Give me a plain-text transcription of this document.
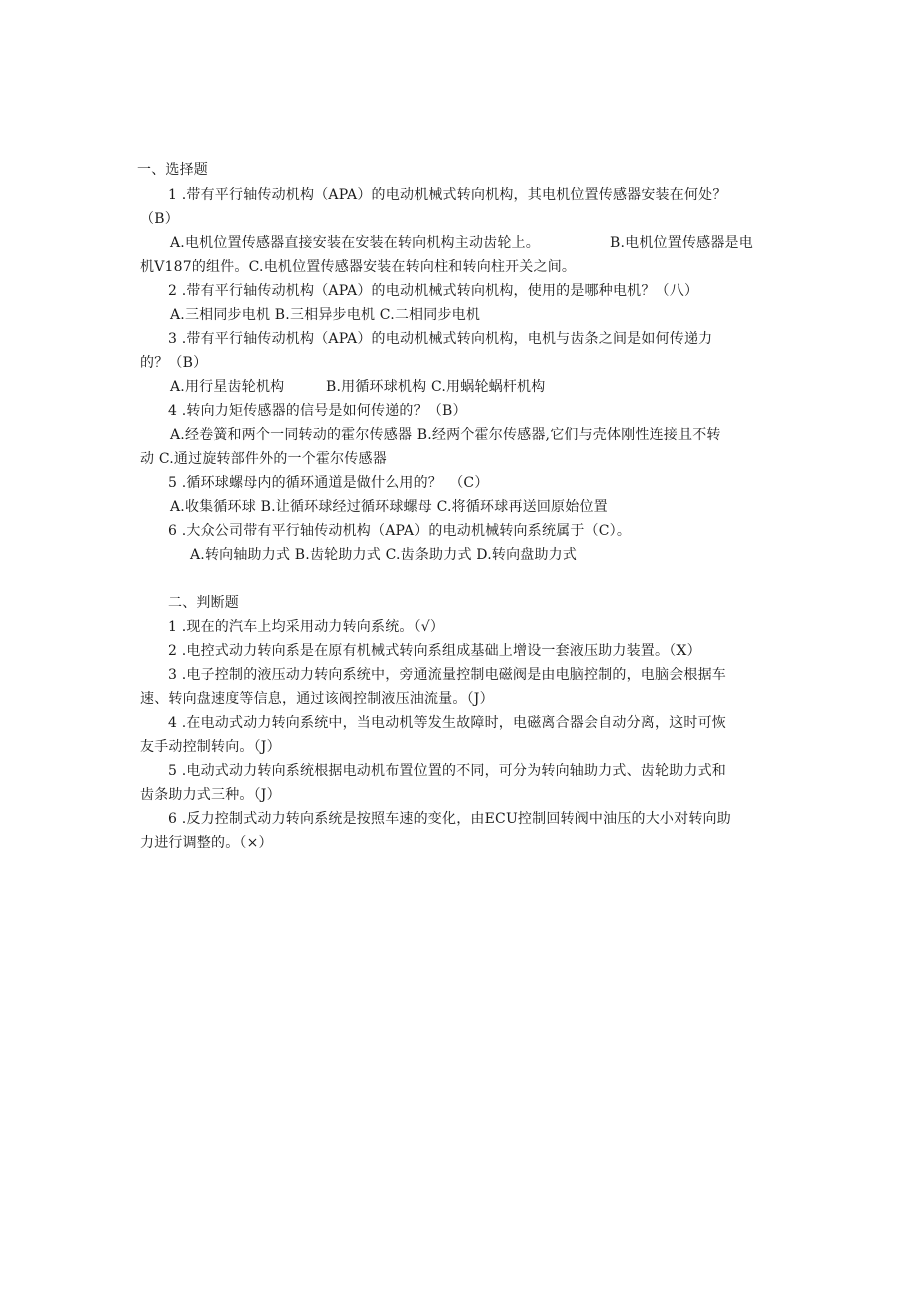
一、选择题
1 .带有平行轴传动机构（APA）的电动机械式转向机构，其电机位置传感器安装在何处？
（B）
A.电机位置传感器直接安装在安装在转向机构主动齿轮上。	B.电机位置传感器是电
机V187的组件。C.电机位置传感器安装在转向柱和转向柱开关之间。
2 .带有平行轴传动机构（APA）的电动机械式转向机构，使用的是哪种电机？（八）
A.三相同步电机 B.三相异步电机 C.二相同步电机
3 .带有平行轴传动机构（APA）的电动机械式转向机构，电机与齿条之间是如何传递力
的？（B）
A.用行星齿轮机构	B.用循环球机构 C.用蜗轮蜗杆机构
4 .转向力矩传感器的信号是如何传递的？（B）
A.经卷簧和两个一同转动的霍尔传感器 B.经两个霍尔传感器,它们与壳体刚性连接且不转
动 C.通过旋转部件外的一个霍尔传感器
5 .循环球螺母内的循环通道是做什么用的？　（C）
A.收集循环球 B.让循环球经过循环球螺母 C.将循环球再送回原始位置
6 .大众公司带有平行轴传动机构（APA）的电动机械转向系统属于（C）。
A.转向轴助力式 B.齿轮助力式 C.齿条助力式 D.转向盘助力式
二、判断题
1 .现在的汽车上均采用动力转向系统。（√）
2 .电控式动力转向系是在原有机械式转向系组成基础上增设一套液压助力装置。（X）
3 .电子控制的液压动力转向系统中，旁通流量控制电磁阀是由电脑控制的，电脑会根据车
速、转向盘速度等信息，通过该阀控制液压油流量。（J）
4 .在电动式动力转向系统中，当电动机等发生故障时，电磁离合器会自动分离，这时可恢
友手动控制转向。（J）
5 .电动式动力转向系统根据电动机布置位置的不同，可分为转向轴助力式、齿轮助力式和
齿条助力式三种。（J）
6 .反力控制式动力转向系统是按照车速的变化，由ECU控制回转阀中油压的大小对转向助
力进行调整的。（×）
